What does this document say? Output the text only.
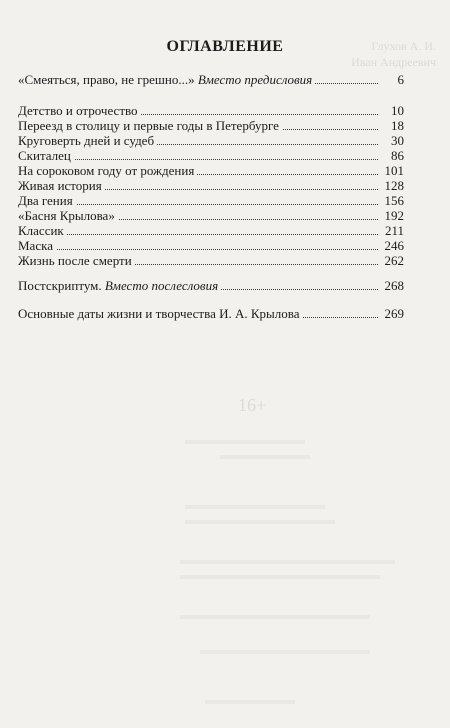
Глухов А. И.
Иван Андреевич
16+
ОГЛАВЛЕНИЕ
«Смеяться, право, не грешно...» Вместо предисловия	6
Детство и отрочество	10
Переезд в столицу и первые годы в Петербурге	18
Круговерть дней и судеб	30
Скиталец	86
На сороковом году от рождения	101
Живая история	128
Два гения	156
«Басня Крылова»	192
Классик	211
Маска	246
Жизнь после смерти	262
Постскриптум. Вместо послесловия	268
Основные даты жизни и творчества И. А. Крылова	269
